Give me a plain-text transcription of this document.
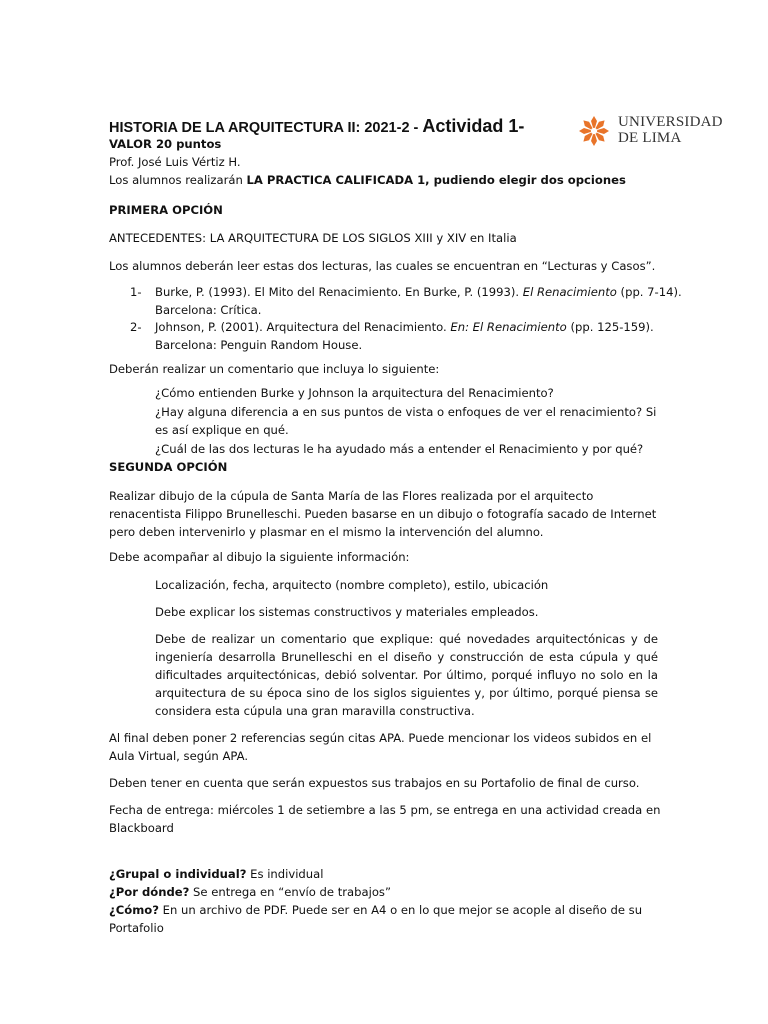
UNIVERSIDAD
DE LIMA
HISTORIA DE LA ARQUITECTURA II: 2021-2 - Actividad 1-
VALOR 20 puntos
Prof. José Luis Vértiz H.
Los alumnos realizarán LA PRACTICA CALIFICADA 1, pudiendo elegir dos opciones
PRIMERA OPCIÓN
ANTECEDENTES: LA ARQUITECTURA DE LOS SIGLOS XIII y XIV en Italia
Los alumnos deberán leer estas dos lecturas, las cuales se encuentran en “Lecturas y Casos”.
1- Burke, P. (1993). El Mito del Renacimiento. En Burke, P. (1993). El Renacimiento (pp. 7-14). Barcelona: Crítica.
2- Johnson, P. (2001). Arquitectura del Renacimiento. En: El Renacimiento (pp. 125-159). Barcelona: Penguin Random House.
Deberán realizar un comentario que incluya lo siguiente:
¿Cómo entienden Burke y Johnson la arquitectura del Renacimiento?
¿Hay alguna diferencia a en sus puntos de vista o enfoques de ver el renacimiento? Si
es así explique en qué.
¿Cuál de las dos lecturas le ha ayudado más a entender el Renacimiento y por qué?
SEGUNDA OPCIÓN
Realizar dibujo de la cúpula de Santa María de las Flores realizada por el arquitecto renacentista Filippo Brunelleschi. Pueden basarse en un dibujo o fotografía sacado de Internet pero deben intervenirlo y plasmar en el mismo la intervención del alumno.
Debe acompañar al dibujo la siguiente información:
Localización, fecha, arquitecto (nombre completo), estilo, ubicación
Debe explicar los sistemas constructivos y materiales empleados.
Debe de realizar un comentario que explique: qué novedades arquitectónicas y de ingeniería desarrolla Brunelleschi en el diseño y construcción de esta cúpula y qué dificultades arquitectónicas, debió solventar. Por último, porqué influyo no solo en la arquitectura de su época sino de los siglos siguientes y, por último, porqué piensa se considera esta cúpula una gran maravilla constructiva.
Al final deben poner 2 referencias según citas APA. Puede mencionar los videos subidos en el Aula Virtual, según APA.
Deben tener en cuenta que serán expuestos sus trabajos en su Portafolio de final de curso.
Fecha de entrega: miércoles 1 de setiembre a las 5 pm, se entrega en una actividad creada en Blackboard
¿Grupal o individual? Es individual
¿Por dónde? Se entrega en “envío de trabajos”
¿Cómo? En un archivo de PDF. Puede ser en A4 o en lo que mejor se acople al diseño de su Portafolio
